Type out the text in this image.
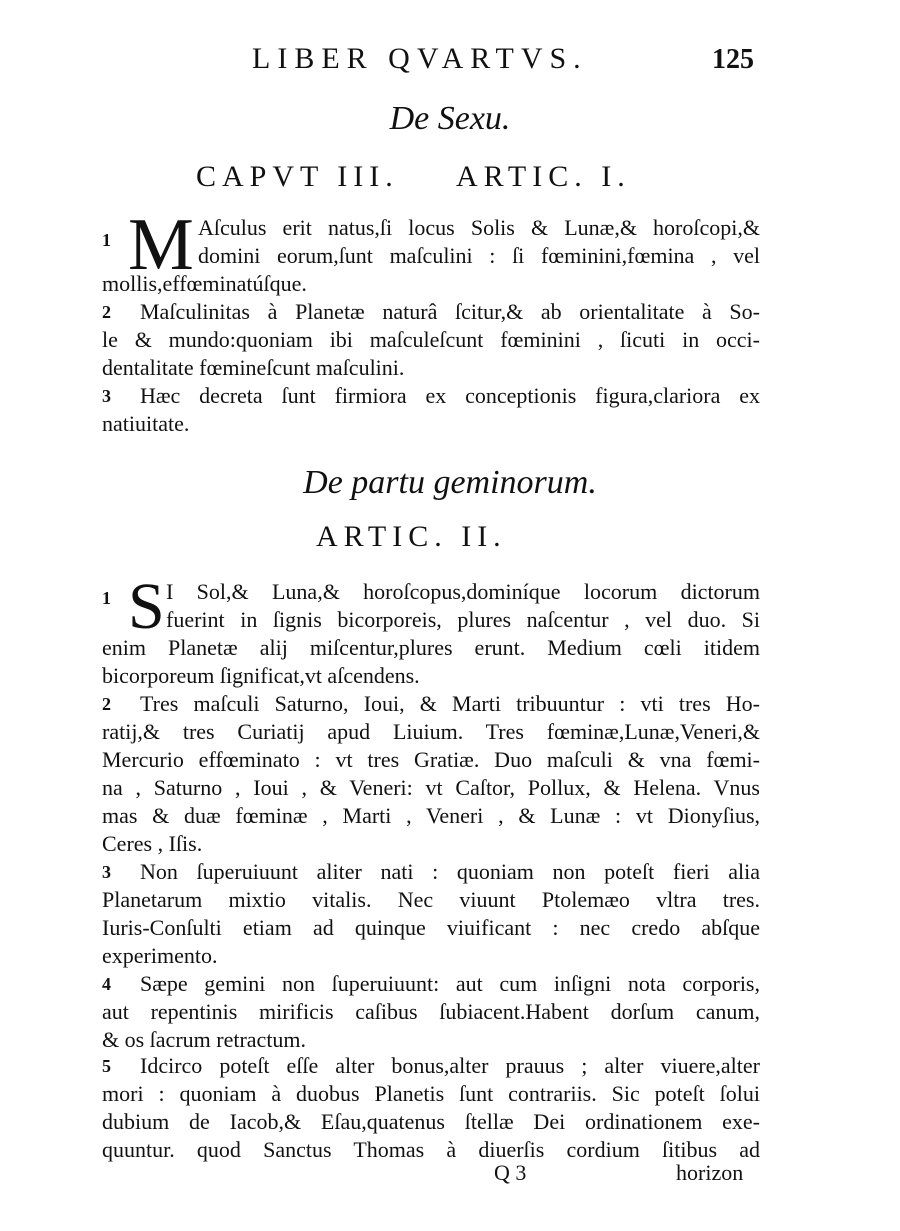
LIBER QVARTVS.	125
De Sexu.
CAPVT III. ARTIC. I.
1 M Aſculus erit natus,ſi locus Solis & Lunæ,& horoſcopi,&
domini eorum,ſunt maſculini : ſi fœminini,fœmina , vel
mollis,effœminatúſque.
2	Maſculinitas à Planetæ naturâ ſcitur,& ab orientalitate à So-
le & mundo:quoniam ibi maſculeſcunt fœminini , ſicuti in occi-
dentalitate fœmineſcunt maſculini.
3	Hæc decreta ſunt firmiora ex conceptionis figura,clariora ex
natiuitate.
De partu geminorum.
ARTIC. II.
1 S I Sol,& Luna,& horoſcopus,dominíque locorum dictorum
fuerint in ſignis bicorporeis, plures naſcentur , vel duo. Si
enim Planetæ alij miſcentur,plures erunt. Medium cœli itidem
bicorporeum ſignificat,vt aſcendens.
2	Tres maſculi Saturno, Ioui, & Marti tribuuntur : vti tres Ho-
ratij,& tres Curiatij apud Liuium. Tres fœminæ,Lunæ,Veneri,&
Mercurio effœminato : vt tres Gratiæ. Duo maſculi & vna fœmi-
na , Saturno , Ioui , & Veneri: vt Caſtor, Pollux, & Helena. Vnus
mas & duæ fœminæ , Marti , Veneri , & Lunæ : vt Dionyſius,
Ceres , Iſis.
3	Non ſuperuiuunt aliter nati : quoniam non poteſt fieri alia
Planetarum mixtio vitalis. Nec viuunt Ptolemæo vltra tres.
Iuris-Conſulti etiam ad quinque viuificant : nec credo abſque
experimento.
4	Sæpe gemini non ſuperuiuunt: aut cum inſigni nota corporis,
aut repentinis mirificis caſibus ſubiacent.Habent dorſum canum,
& os ſacrum retractum.
5	Idcirco poteſt eſſe alter bonus,alter prauus ; alter viuere,alter
mori : quoniam à duobus Planetis ſunt contrariis. Sic poteſt ſolui
dubium de Iacob,& Eſau,quatenus ſtellæ Dei ordinationem exe-
quuntur. quod Sanctus Thomas à diuerſis cordium ſitibus ad
Q 3	horizon
